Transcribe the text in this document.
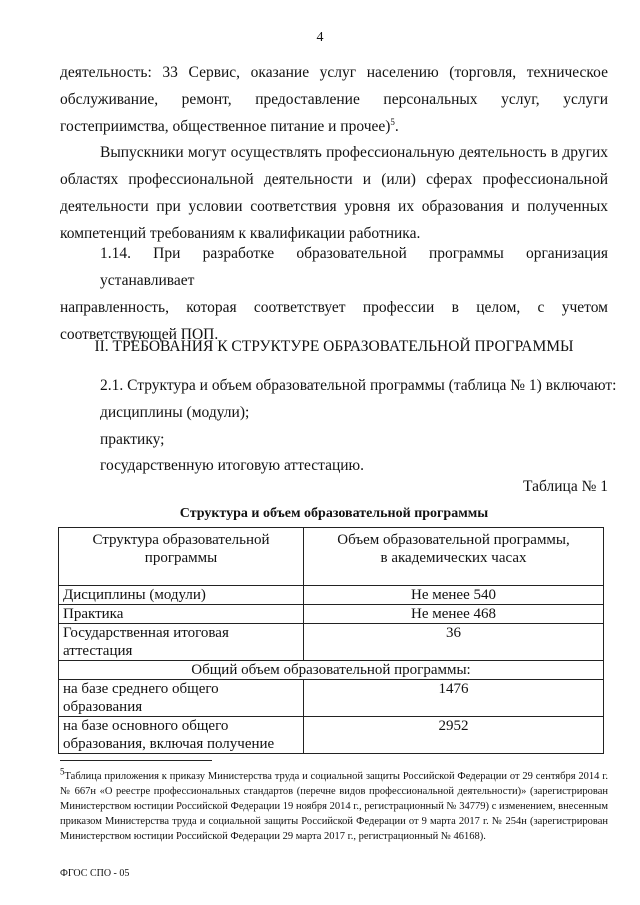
4

деятельность: 33 Сервис, оказание услуг населению (торговля, техническое
обслуживание, ремонт, предоставление персональных услуг, услуги
гостеприимства, общественное питание и прочее)$^5$.

Выпускники могут осуществлять профессиональную деятельность в других
областях профессиональной деятельности и (или) сферах профессиональной
деятельности при условии соответствия уровня их образования и полученных
компетенций требованиям к квалификации работника.

1.14. При разработке образовательной программы организация устанавливает
направленность, которая соответствует профессии в целом, с учетом
соответствующей ПОП.

II. ТРЕБОВАНИЯ К СТРУКТУРЕ ОБРАЗОВАТЕЛЬНОЙ ПРОГРАММЫ
2.1. Структура и объем образовательной программы (таблица № 1) включают:
дисциплины (модули);
практику;
государственную итоговую аттестацию.
Таблица № 1
Структура и объем образовательной программы
Структура образовательной
программы	Объем образовательной программы,
в академических часах

Дисциплины (модули)	Не менее 540
Практика	Не менее 468

Государственная итоговая
аттестация	36
Общий объем образовательной программы:	

на базе среднего общего
образования	1476

на базе основного общего
образования, включая получение	2952

$^5$Таблица приложения к приказу Министерства труда и социальной защиты Российской Федерации от 29 сентября 2014 г. № 667н «О реестре профессиональных стандартов (перечне видов профессиональной деятельности)» (зарегистрирован Министерством юстиции Российской Федерации 19 ноября 2014 г., регистрационный № 34779) с изменением, внесенным приказом Министерства труда и социальной защиты Российской Федерации от 9 марта 2017 г. № 254н (зарегистрирован Министерством юстиции Российской Федерации 29 марта 2017 г., регистрационный № 46168).

ФГОС СПО - 05
